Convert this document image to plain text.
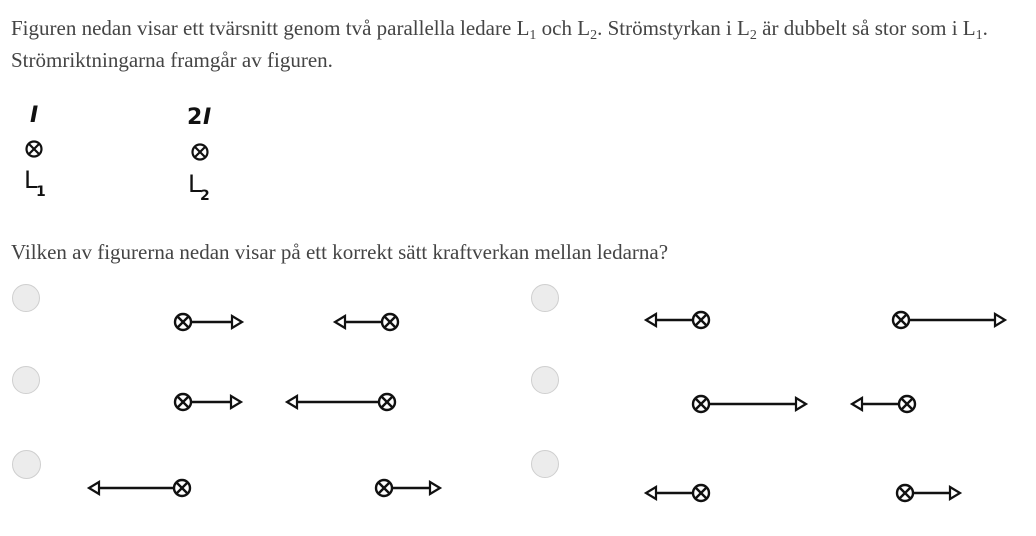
Figuren nedan visar ett tvärsnitt genom två parallella ledare $L_1$ och $L_2$. Strömstyrkan i $L_2$ är dubbelt så stor som i $L_1$. Strömriktningarna framgår av figuren.
I	2 I
L
1	L
2
Vilken av figurerna nedan visar på ett korrekt sätt kraftverkan mellan ledarna?
